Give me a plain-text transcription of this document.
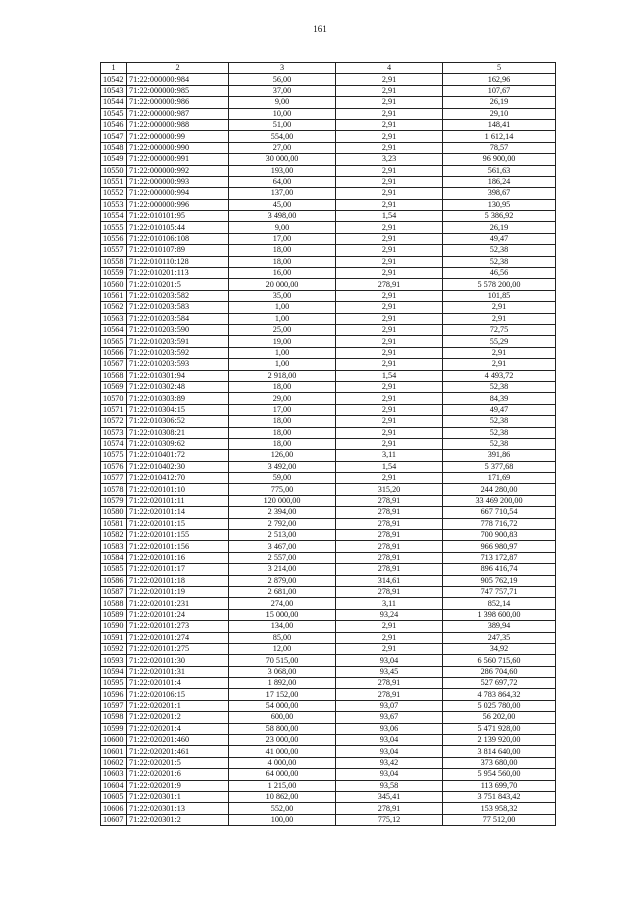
161
1	2	3	4	5
10542	71:22:000000:984	56,00	2,91	162,96
10543	71:22:000000:985	37,00	2,91	107,67
10544	71:22:000000:986	9,00	2,91	26,19
10545	71:22:000000:987	10,00	2,91	29,10
10546	71:22:000000:988	51,00	2,91	148,41
10547	71:22:000000:99	554,00	2,91	1 612,14
10548	71:22:000000:990	27,00	2,91	78,57
10549	71:22:000000:991	30 000,00	3,23	96 900,00
10550	71:22:000000:992	193,00	2,91	561,63
10551	71:22:000000:993	64,00	2,91	186,24
10552	71:22:000000:994	137,00	2,91	398,67
10553	71:22:000000:996	45,00	2,91	130,95
10554	71:22:010101:95	3 498,00	1,54	5 386,92
10555	71:22:010105:44	9,00	2,91	26,19
10556	71:22:010106:108	17,00	2,91	49,47
10557	71:22:010107:89	18,00	2,91	52,38
10558	71:22:010110:128	18,00	2,91	52,38
10559	71:22:010201:113	16,00	2,91	46,56
10560	71:22:010201:5	20 000,00	278,91	5 578 200,00
10561	71:22:010203:582	35,00	2,91	101,85
10562	71:22:010203:583	1,00	2,91	2,91
10563	71:22:010203:584	1,00	2,91	2,91
10564	71:22:010203:590	25,00	2,91	72,75
10565	71:22:010203:591	19,00	2,91	55,29
10566	71:22:010203:592	1,00	2,91	2,91
10567	71:22:010203:593	1,00	2,91	2,91
10568	71:22:010301:94	2 918,00	1,54	4 493,72
10569	71:22:010302:48	18,00	2,91	52,38
10570	71:22:010303:89	29,00	2,91	84,39
10571	71:22:010304:15	17,00	2,91	49,47
10572	71:22:010306:52	18,00	2,91	52,38
10573	71:22:010308:21	18,00	2,91	52,38
10574	71:22:010309:62	18,00	2,91	52,38
10575	71:22:010401:72	126,00	3,11	391,86
10576	71:22:010402:30	3 492,00	1,54	5 377,68
10577	71:22:010412:70	59,00	2,91	171,69
10578	71:22:020101:10	775,00	315,20	244 280,00
10579	71:22:020101:11	120 000,00	278,91	33 469 200,00
10580	71:22:020101:14	2 394,00	278,91	667 710,54
10581	71:22:020101:15	2 792,00	278,91	778 716,72
10582	71:22:020101:155	2 513,00	278,91	700 900,83
10583	71:22:020101:156	3 467,00	278,91	966 980,97
10584	71:22:020101:16	2 557,00	278,91	713 172,87
10585	71:22:020101:17	3 214,00	278,91	896 416,74
10586	71:22:020101:18	2 879,00	314,61	905 762,19
10587	71:22:020101:19	2 681,00	278,91	747 757,71
10588	71:22:020101:231	274,00	3,11	852,14
10589	71:22:020101:24	15 000,00	93,24	1 398 600,00
10590	71:22:020101:273	134,00	2,91	389,94
10591	71:22:020101:274	85,00	2,91	247,35
10592	71:22:020101:275	12,00	2,91	34,92
10593	71:22:020101:30	70 515,00	93,04	6 560 715,60
10594	71:22:020101:31	3 068,00	93,45	286 704,60
10595	71:22:020101:4	1 892,00	278,91	527 697,72
10596	71:22:020106:15	17 152,00	278,91	4 783 864,32
10597	71:22:020201:1	54 000,00	93,07	5 025 780,00
10598	71:22:020201:2	600,00	93,67	56 202,00
10599	71:22:020201:4	58 800,00	93,06	5 471 928,00
10600	71:22:020201:460	23 000,00	93,04	2 139 920,00
10601	71:22:020201:461	41 000,00	93,04	3 814 640,00
10602	71:22:020201:5	4 000,00	93,42	373 680,00
10603	71:22:020201:6	64 000,00	93,04	5 954 560,00
10604	71:22:020201:9	1 215,00	93,58	113 699,70
10605	71:22:020301:1	10 862,00	345,41	3 751 843,42
10606	71:22:020301:13	552,00	278,91	153 958,32
10607	71:22:020301:2	100,00	775,12	77 512,00
